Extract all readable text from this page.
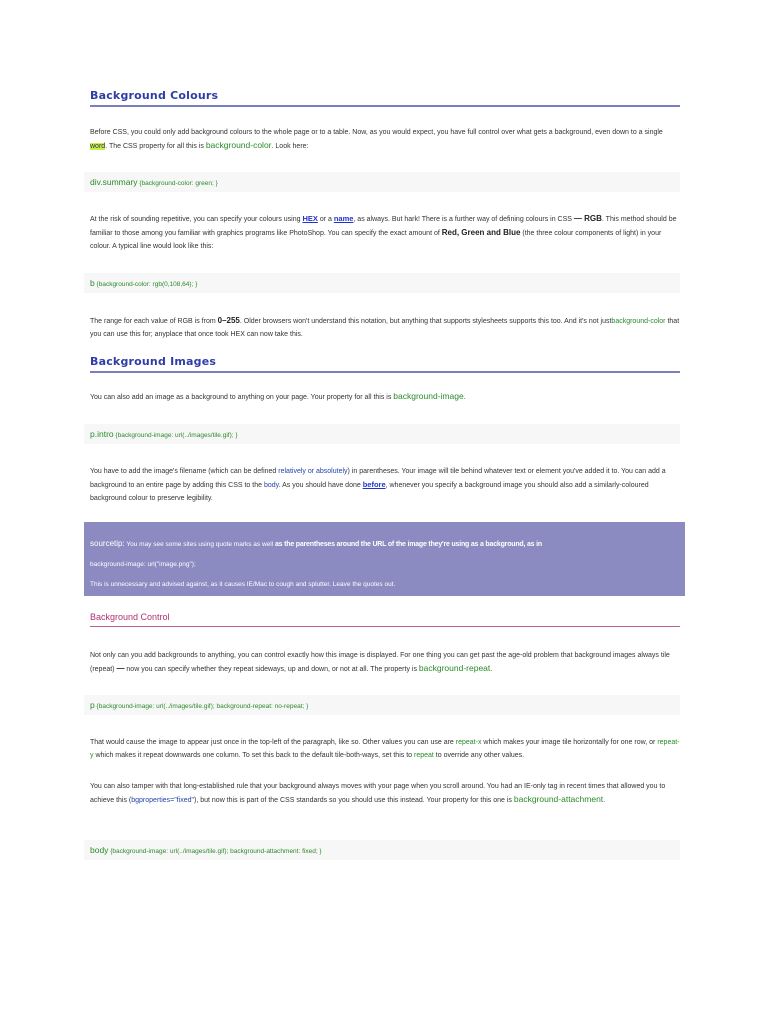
Background Colours

Before CSS, you could only add background colours to the whole page or to a table. Now, as you would expect, you have full control over what gets a background, even down to a single word. The CSS property for all this is background-color. Look here:

div.summary {background-color: green; }

At the risk of sounding repetitive, you can specify your colours using HEX or a name, as always. But hark! There is a further way of defining colours in CSS — RGB. This method should be familiar to those among you familiar with graphics programs like PhotoShop. You can specify the exact amount of Red, Green and Blue (the three colour components of light) in your colour. A typical line would look like this:

b {background-color: rgb(0,108,64); }

The range for each value of RGB is from 0–255. Older browsers won't understand this notation, but anything that supports stylesheets supports this too. And it's not justbackground-color that you can use this for; anyplace that once took HEX can now take this.

Background Images

You can also add an image as a background to anything on your page. Your property for all this is background-image.

p.intro {background-image: url(../images/tile.gif); }

You have to add the image's filename (which can be defined relatively or absolutely) in parentheses. Your image will tile behind whatever text or element you've added it to. You can add a background to an entire page by adding this CSS to the body. As you should have done before, whenever you specify a background image you should also add a similarly-coloured background colour to preserve legibility.

sourcetip: You may see some sites using quote marks as well as the parentheses around the URL of the image they're using as a background, as in
background-image: url("image.png");
This is unnecessary and advised against, as it causes IE/Mac to cough and splutter. Leave the quotes out.
Background Control

Not only can you add backgrounds to anything, you can control exactly how this image is displayed. For one thing you can get past the age-old problem that background images always tile (repeat) — now you can specify whether they repeat sideways, up and down, or not at all. The property is background-repeat.

p {background-image: url(../images/tile.gif); background-repeat: no-repeat; }

That would cause the image to appear just once in the top-left of the paragraph, like so. Other values you can use are repeat-x which makes your image tile horizontally for one row, or repeat-y which makes it repeat downwards one column. To set this back to the default tile-both-ways, set this to repeat to override any other values.

You can also tamper with that long-established rule that your background always moves with your page when you scroll around. You had an IE-only tag in recent times that allowed you to achieve this (bgproperties="fixed"), but now this is part of the CSS standards so you should use this instead. Your property for this one is background-attachment.

body {background-image: url(../images/tile.gif); background-attachment: fixed; }
